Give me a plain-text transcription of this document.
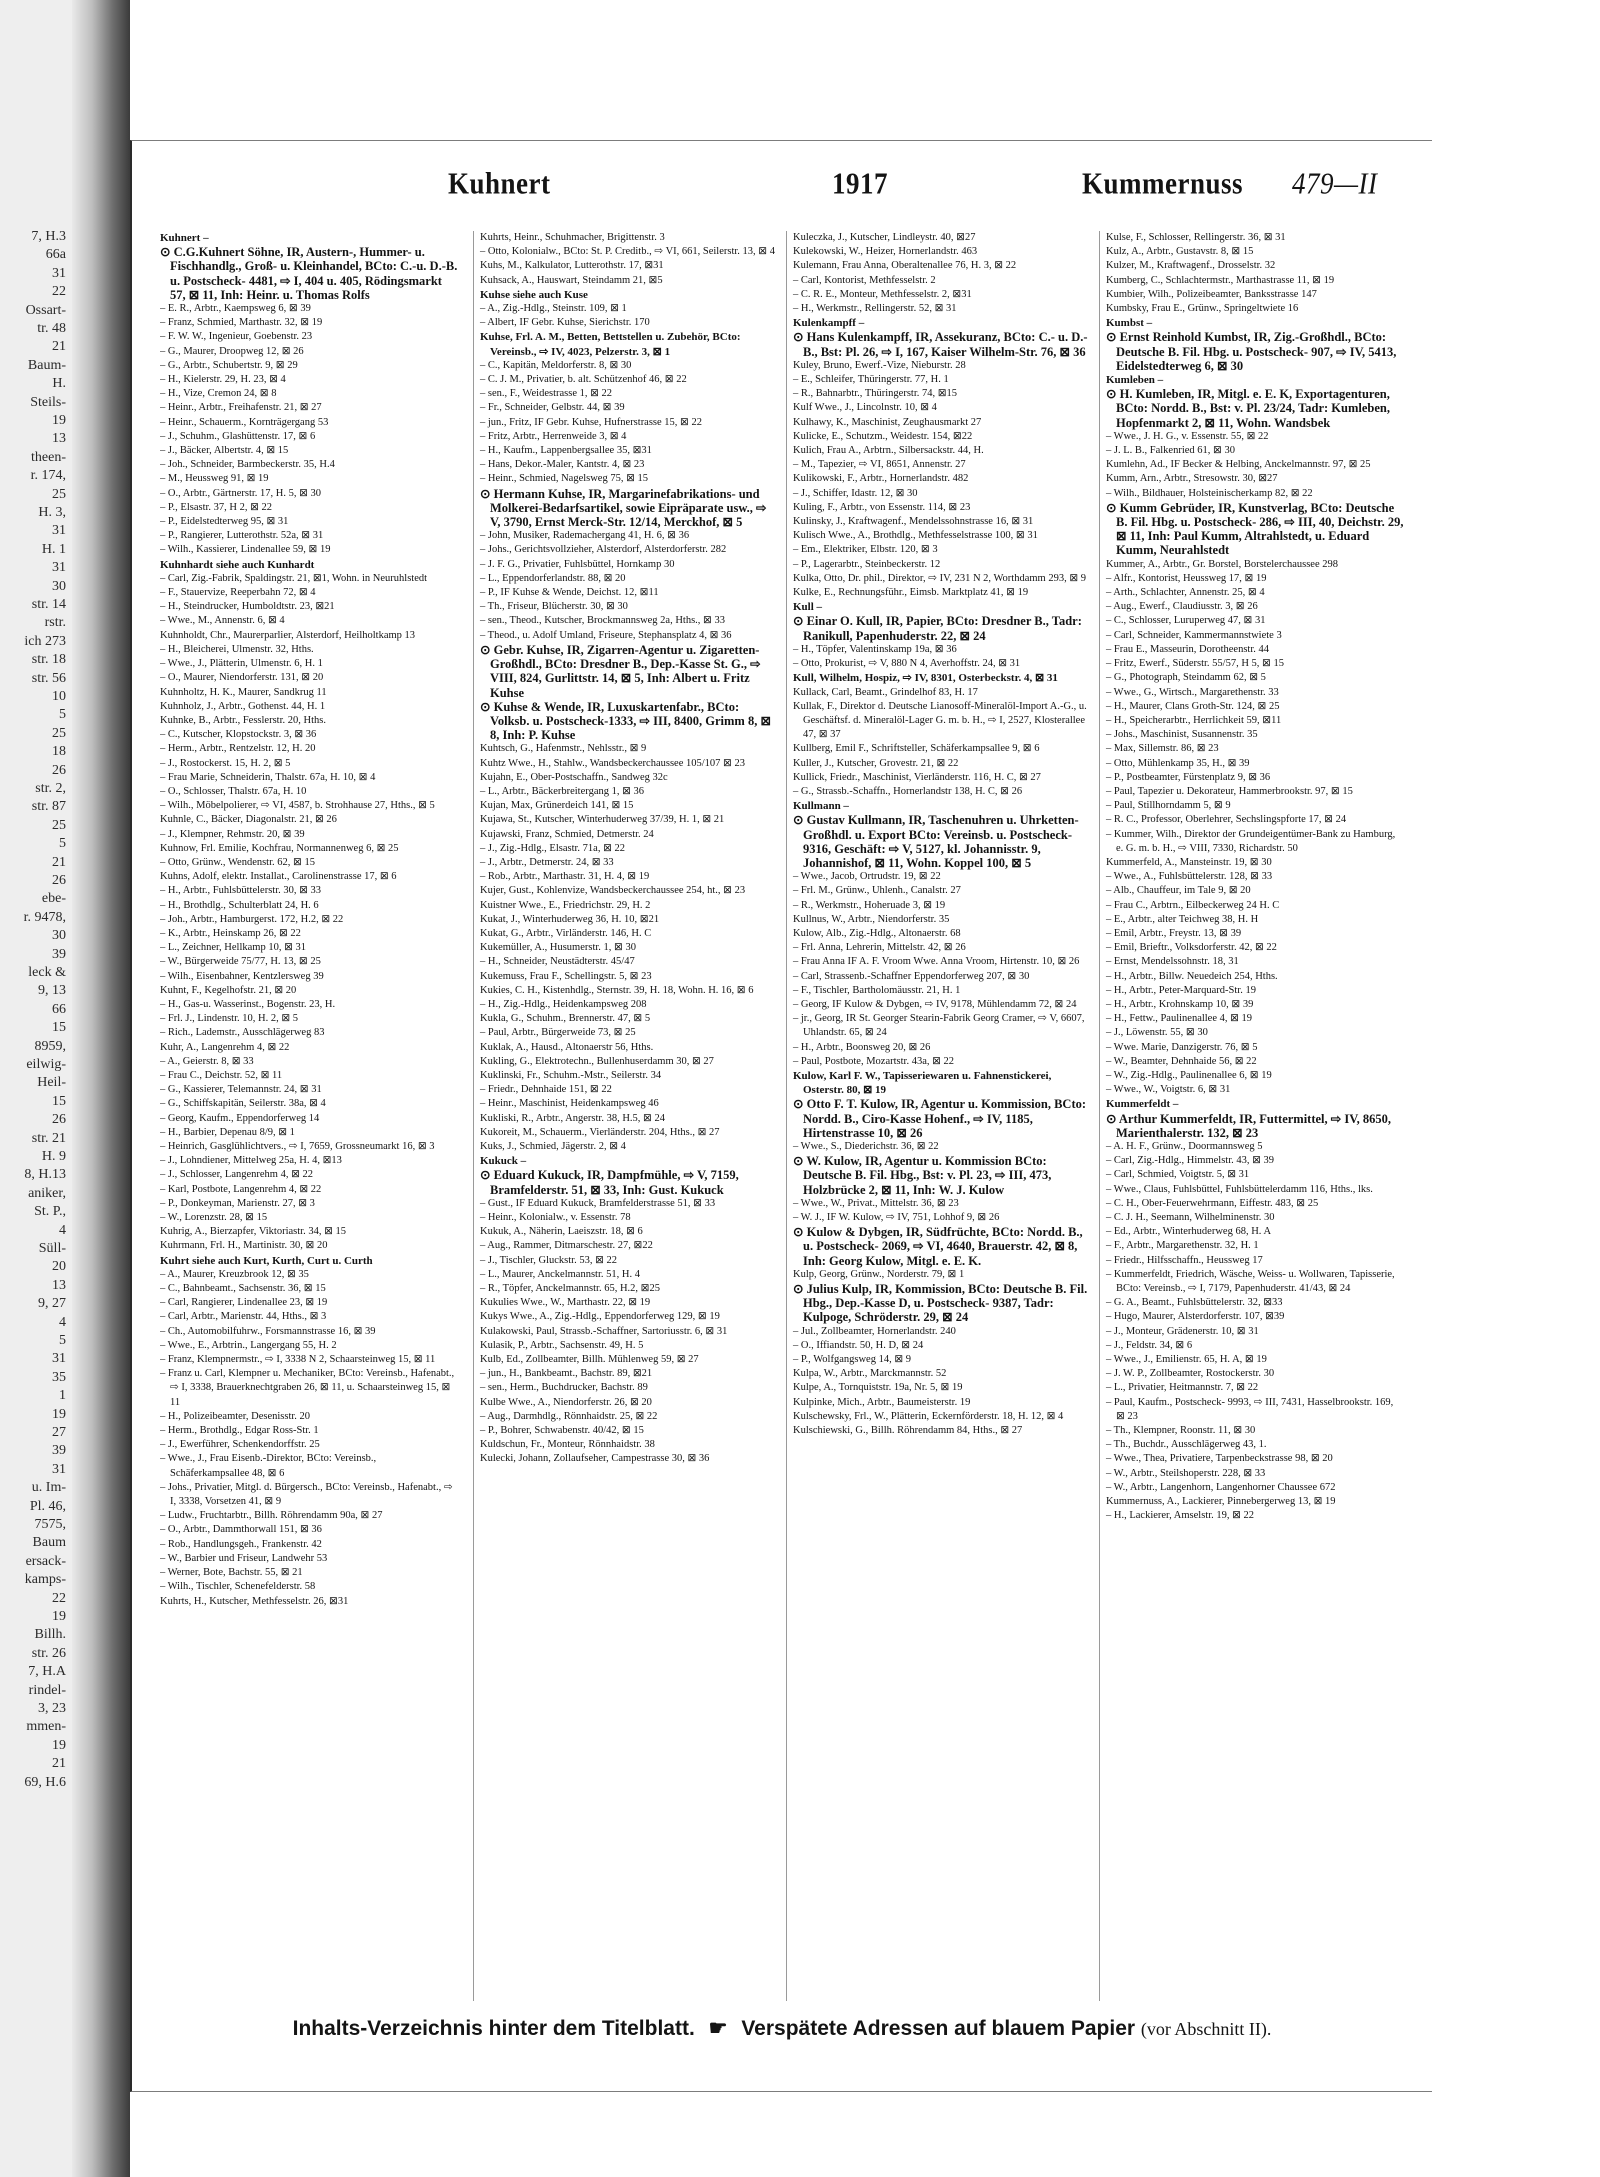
7, H.3
66a
31
22
Ossart-
tr. 48
21
Baum-
H.
Steils-
19
13
theen-
r. 174,
25
H. 3,
31
H. 1
31
30
str. 14
rstr.
ich 273
str. 18
str. 56
10
5
25
18
26
str. 2,
str. 87
25
5
21
26
ebe-
r. 9478,
30
39
leck &
9, 13
66
15
8959,
eilwig-
Heil-
15
26
str. 21
H. 9
8, H.13
aniker,
St. P.,
4
Süll-
20
13
9, 27
4
5
31
35
1
19
27
39
31
u. Im-
Pl. 46,
7575,
Baum
ersack-
kamps-
22
19
Billh.
str. 26
7, H.A
rindel-
3, 23
mmen-
19
21
69, H.6
Kuhnert	1917	Kummernuss 479—II

Kuhnert –

⊙ C.G.Kuhnert Söhne, IR, Austern-, Hummer- u. Fischhandlg., Groß- u. Kleinhandel, BCto: C.-u. D.-B. u. Postscheck- 4481, ⇨ I, 404 u. 405, Rödingsmarkt 57, ⊠ 11, Inh: Heinr. u. Thomas Rolfs

– E. R., Arbtr., Kaempsweg 6, ⊠ 39

– Franz, Schmied, Marthastr. 32, ⊠ 19

– F. W. W., Ingenieur, Goebenstr. 23

– G., Maurer, Droopweg 12, ⊠ 26

– G., Arbtr., Schubertstr. 9, ⊠ 29

– H., Kielerstr. 29, H. 23, ⊠ 4

– H., Vize, Cremon 24, ⊠ 8

– Heinr., Arbtr., Freihafenstr. 21, ⊠ 27

– Heinr., Schauerm., Kornträgergang 53

– J., Schuhm., Glashüttenstr. 17, ⊠ 6

– J., Bäcker, Albertstr. 4, ⊠ 15

– Joh., Schneider, Barmbeckerstr. 35, H.4

– M., Heussweg 91, ⊠ 19

– O., Arbtr., Gärtnerstr. 17, H. 5, ⊠ 30

– P., Elsastr. 37, H 2, ⊠ 22

– P., Eidelstedterweg 95, ⊠ 31

– P., Rangierer, Lutterothstr. 52a, ⊠ 31

– Wilh., Kassierer, Lindenallee 59, ⊠ 19

Kuhnhardt siehe auch Kunhardt

– Carl, Zig.-Fabrik, Spaldingstr. 21, ⊠1, Wohn. in Neuruhlstedt

– F., Stauervize, Reeperbahn 72, ⊠ 4

– H., Steindrucker, Humboldtstr. 23, ⊠21

– Wwe., M., Annenstr. 6, ⊠ 4

Kuhnholdt, Chr., Maurerparlier, Alsterdorf, Heilholtkamp 13

– H., Bleicherei, Ulmenstr. 32, Hths.

– Wwe., J., Plätterin, Ulmenstr. 6, H. 1

– O., Maurer, Niendorferstr. 131, ⊠ 20

Kuhnholtz, H. K., Maurer, Sandkrug 11

Kuhnholz, J., Arbtr., Gothenst. 44, H. 1

Kuhnke, B., Arbtr., Fesslerstr. 20, Hths.

– C., Kutscher, Klopstockstr. 3, ⊠ 36

– Herm., Arbtr., Rentzelstr. 12, H. 20

– J., Rostockerst. 15, H. 2, ⊠ 5

– Frau Marie, Schneiderin, Thalstr. 67a, H. 10, ⊠ 4

– O., Schlosser, Thalstr. 67a, H. 10

– Wilh., Möbelpolierer, ⇨ VI, 4587, b. Strohhause 27, Hths., ⊠ 5

Kuhnle, C., Bäcker, Diagonalstr. 21, ⊠ 26

– J., Klempner, Rehmstr. 20, ⊠ 39

Kuhnow, Frl. Emilie, Kochfrau, Normannenweg 6, ⊠ 25

– Otto, Grünw., Wendenstr. 62, ⊠ 15

Kuhns, Adolf, elektr. Installat., Carolinenstrasse 17, ⊠ 6

– H., Arbtr., Fuhlsbüttelerstr. 30, ⊠ 33

– H., Brothdlg., Schulterblatt 24, H. 6

– Joh., Arbtr., Hamburgerst. 172, H.2, ⊠ 22

– K., Arbtr., Heinskamp 26, ⊠ 22

– L., Zeichner, Hellkamp 10, ⊠ 31

– W., Bürgerweide 75/77, H. 13, ⊠ 25

– Wilh., Eisenbahner, Kentzlersweg 39

Kuhnt, F., Kegelhofstr. 21, ⊠ 20

– H., Gas-u. Wasserinst., Bogenstr. 23, H.

– Frl. J., Lindenstr. 10, H. 2, ⊠ 5

– Rich., Lademstr., Ausschlägerweg 83

Kuhr, A., Langenrehm 4, ⊠ 22

– A., Geierstr. 8, ⊠ 33

– Frau C., Deichstr. 52, ⊠ 11

– G., Kassierer, Telemannstr. 24, ⊠ 31

– G., Schiffskapitän, Seilerstr. 38a, ⊠ 4

– Georg, Kaufm., Eppendorferweg 14

– H., Barbier, Depenau 8/9, ⊠ 1

– Heinrich, Gasglühlichtvers., ⇨ I, 7659, Grossneumarkt 16, ⊠ 3

– J., Lohndiener, Mittelweg 25a, H. 4, ⊠13

– J., Schlosser, Langenrehm 4, ⊠ 22

– Karl, Postbote, Langenrehm 4, ⊠ 22

– P., Donkeyman, Marienstr. 27, ⊠ 3

– W., Lorenzstr. 28, ⊠ 15

Kuhrig, A., Bierzapfer, Viktoriastr. 34, ⊠ 15

Kuhrmann, Frl. H., Martinistr. 30, ⊠ 20

Kuhrt siehe auch Kurt, Kurth, Curt u. Curth

– A., Maurer, Kreuzbrook 12, ⊠ 35

– C., Bahnbeamt., Sachsenstr. 36, ⊠ 15

– Carl, Rangierer, Lindenallee 23, ⊠ 19

– Carl, Arbtr., Marienstr. 44, Hths., ⊠ 3

– Ch., Automobilfuhrw., Forsmannstrasse 16, ⊠ 39

– Wwe., E., Arbtrin., Langergang 55, H. 2

– Franz, Klempnermstr., ⇨ I, 3338 N 2, Schaarsteinweg 15, ⊠ 11

– Franz u. Carl, Klempner u. Mechaniker, BCto: Vereinsb., Hafenabt., ⇨ I, 3338, Brauerknechtgraben 26, ⊠ 11, u. Schaarsteinweg 15, ⊠ 11

– H., Polizeibeamter, Desenisstr. 20

– Herm., Brothdlg., Edgar Ross-Str. 1

– J., Ewerführer, Schenkendorffstr. 25

– Wwe., J., Frau Eisenb.-Direktor, BCto: Vereinsb., Schäferkampsallee 48, ⊠ 6

– Johs., Privatier, Mitgl. d. Bürgersch., BCto: Vereinsb., Hafenabt., ⇨ I, 3338, Vorsetzen 41, ⊠ 9

– Ludw., Fruchtarbtr., Billh. Röhrendamm 90a, ⊠ 27

– O., Arbtr., Dammthorwall 151, ⊠ 36

– Rob., Handlungsgeh., Frankenstr. 42

– W., Barbier und Friseur, Landwehr 53

– Werner, Bote, Bachstr. 55, ⊠ 21

– Wilh., Tischler, Schenefelderstr. 58

Kuhrts, H., Kutscher, Methfesselstr. 26, ⊠31

Kuhrts, Heinr., Schuhmacher, Brigittenstr. 3

– Otto, Kolonialw., BCto: St. P. Creditb., ⇨ VI, 661, Seilerstr. 13, ⊠ 4

Kuhs, M., Kalkulator, Lutterothstr. 17, ⊠31

Kuhsack, A., Hauswart, Steindamm 21, ⊠5

Kuhse siehe auch Kuse

– A., Zig.-Hdlg., Steinstr. 109, ⊠ 1

– Albert, IF Gebr. Kuhse, Sierichstr. 170

Kuhse, Frl. A. M., Betten, Bettstellen u. Zubehör, BCto: Vereinsb., ⇨ IV, 4023, Pelzerstr. 3, ⊠ 1

– C., Kapitän, Meldorferstr. 8, ⊠ 30

– C. J. M., Privatier, b. alt. Schützenhof 46, ⊠ 22

– sen., F., Weidestrasse 1, ⊠ 22

– Fr., Schneider, Gelbstr. 44, ⊠ 39

– jun., Fritz, IF Gebr. Kuhse, Hufnerstrasse 15, ⊠ 22

– Fritz, Arbtr., Herrenweide 3, ⊠ 4

– H., Kaufm., Lappenbergsallee 35, ⊠31

– Hans, Dekor.-Maler, Kantstr. 4, ⊠ 23

– Heinr., Schmied, Nagelsweg 75, ⊠ 15

⊙ Hermann Kuhse, IR, Margarinefabrikations- und Molkerei-Bedarfsartikel, sowie Eipräparate usw., ⇨ V, 3790, Ernst Merck-Str. 12/14, Merckhof, ⊠ 5

– John, Musiker, Rademachergang 41, H. 6, ⊠ 36

– Johs., Gerichtsvollzieher, Alsterdorf, Alsterdorferstr. 282

– J. F. G., Privatier, Fuhlsbüttel, Hornkamp 30

– L., Eppendorferlandstr. 88, ⊠ 20

– P., IF Kuhse & Wende, Deichst. 12, ⊠11

– Th., Friseur, Blücherstr. 30, ⊠ 30

– sen., Theod., Kutscher, Brockmannsweg 2a, Hths., ⊠ 33

– Theod., u. Adolf Umland, Friseure, Stephansplatz 4, ⊠ 36

⊙ Gebr. Kuhse, IR, Zigarren-Agentur u. Zigaretten-Großhdl., BCto: Dresdner B., Dep.-Kasse St. G., ⇨ VIII, 824, Gurlittstr. 14, ⊠ 5, Inh: Albert u. Fritz Kuhse

⊙ Kuhse & Wende, IR, Luxuskartenfabr., BCto: Volksb. u. Postscheck-1333, ⇨ III, 8400, Grimm 8, ⊠ 8, Inh: P. Kuhse

Kuhtsch, G., Hafenmstr., Nehlsstr., ⊠ 9

Kuhtz Wwe., H., Stahlw., Wandsbeckerchaussee 105/107 ⊠ 23

Kujahn, E., Ober-Postschaffn., Sandweg 32c

– L., Arbtr., Bäckerbreitergang 1, ⊠ 36

Kujan, Max, Grünerdeich 141, ⊠ 15

Kujawa, St., Kutscher, Winterhuderweg 37/39, H. 1, ⊠ 21

Kujawski, Franz, Schmied, Detmerstr. 24

– J., Zig.-Hdlg., Elsastr. 71a, ⊠ 22

– J., Arbtr., Detmerstr. 24, ⊠ 33

– Rob., Arbtr., Marthastr. 31, H. 4, ⊠ 19

Kujer, Gust., Kohlenvize, Wandsbeckerchaussee 254, ht., ⊠ 23

Kuistner Wwe., E., Friedrichstr. 29, H. 2

Kukat, J., Winterhuderweg 36, H. 10, ⊠21

Kukat, G., Arbtr., Virländerstr. 146, H. C

Kukemüller, A., Husumerstr. 1, ⊠ 30

– H., Schneider, Neustädterstr. 45/47

Kukemuss, Frau F., Schellingstr. 5, ⊠ 23

Kukies, C. H., Kistenhdlg., Sternstr. 39, H. 18, Wohn. H. 16, ⊠ 6

– H., Zig.-Hdlg., Heidenkampsweg 208

Kukla, G., Schuhm., Brennerstr. 47, ⊠ 5

– Paul, Arbtr., Bürgerweide 73, ⊠ 25

Kuklak, A., Hausd., Altonaerstr 56, Hths.

Kukling, G., Elektrotechn., Bullenhuserdamm 30, ⊠ 27

Kuklinski, Fr., Schuhm.-Mstr., Seilerstr. 34

– Friedr., Dehnhaide 151, ⊠ 22

– Heinr., Maschinist, Heidenkampsweg 46

Kukliski, R., Arbtr., Angerstr. 38, H.5, ⊠ 24

Kukoreit, M., Schauerm., Vierländerstr. 204, Hths., ⊠ 27

Kuks, J., Schmied, Jägerstr. 2, ⊠ 4

Kukuck –

⊙ Eduard Kukuck, IR, Dampfmühle, ⇨ V, 7159, Bramfelderstr. 51, ⊠ 33, Inh: Gust. Kukuck

– Gust., IF Eduard Kukuck, Bramfelderstrasse 51, ⊠ 33

– Heinr., Kolonialw., v. Essenstr. 78

Kukuk, A., Näherin, Laeiszstr. 18, ⊠ 6

– Aug., Rammer, Ditmarschestr. 27, ⊠22

– J., Tischler, Gluckstr. 53, ⊠ 22

– L., Maurer, Anckelmannstr. 51, H. 4

– R., Töpfer, Anckelmannstr. 65, H.2, ⊠25

Kukulies Wwe., W., Marthastr. 22, ⊠ 19

Kukys Wwe., A., Zig.-Hdlg., Eppendorferweg 129, ⊠ 19

Kulakowski, Paul, Strassb.-Schaffner, Sartoriusstr. 6, ⊠ 31

Kulasik, P., Arbtr., Sachsenstr. 49, H. 5

Kulb, Ed., Zollbeamter, Billh. Mühlenweg 59, ⊠ 27

– jun., H., Bankbeamt., Bachstr. 89, ⊠21

– sen., Herm., Buchdrucker, Bachstr. 89

Kulbe Wwe., A., Niendorferstr. 26, ⊠ 20

– Aug., Darmhdlg., Rönnhaidstr. 25, ⊠ 22

– P., Bohrer, Schwabenstr. 40/42, ⊠ 15

Kuldschun, Fr., Monteur, Rönnhaidstr. 38

Kulecki, Johann, Zollaufseher, Campestrasse 30, ⊠ 36

Kuleczka, J., Kutscher, Lindleystr. 40, ⊠27

Kulekowski, W., Heizer, Hornerlandstr. 463

Kulemann, Frau Anna, Oberaltenallee 76, H. 3, ⊠ 22

– Carl, Kontorist, Methfesselstr. 2

– C. R. E., Monteur, Methfesselstr. 2, ⊠31

– H., Werkmstr., Rellingerstr. 52, ⊠ 31

Kulenkampff –

⊙ Hans Kulenkampff, IR, Assekuranz, BCto: C.- u. D.-B., Bst: Pl. 26, ⇨ I, 167, Kaiser Wilhelm-Str. 76, ⊠ 36

Kuley, Bruno, Ewerf.-Vize, Nieburstr. 28

– E., Schleifer, Thüringerstr. 77, H. 1

– R., Bahnarbtr., Thüringerstr. 74, ⊠15

Kulf Wwe., J., Lincolnstr. 10, ⊠ 4

Kulhawy, K., Maschinist, Zeughausmarkt 27

Kulicke, E., Schutzm., Weidestr. 154, ⊠22

Kulich, Frau A., Arbtrn., Silbersackstr. 44, H.

– M., Tapezier, ⇨ VI, 8651, Annenstr. 27

Kulikowski, F., Arbtr., Hornerlandstr. 482

– J., Schiffer, Idastr. 12, ⊠ 30

Kuling, F., Arbtr., von Essenstr. 114, ⊠ 23

Kulinsky, J., Kraftwagenf., Mendelssohnstrasse 16, ⊠ 31

Kulisch Wwe., A., Brothdlg., Methfesselstrasse 100, ⊠ 31

– Em., Elektriker, Elbstr. 120, ⊠ 3

– P., Lagerarbtr., Steinbeckerstr. 12

Kulka, Otto, Dr. phil., Direktor, ⇨ IV, 231 N 2, Worthdamm 293, ⊠ 9

Kulke, E., Rechnungsführ., Eimsb. Marktplatz 41, ⊠ 19

Kull –

⊙ Einar O. Kull, IR, Papier, BCto: Dresdner B., Tadr: Ranikull, Papenhuderstr. 22, ⊠ 24

– H., Töpfer, Valentinskamp 19a, ⊠ 36

– Otto, Prokurist, ⇨ V, 880 N 4, Averhoffstr. 24, ⊠ 31

Kull, Wilhelm, Hospiz, ⇨ IV, 8301, Osterbeckstr. 4, ⊠ 31

Kullack, Carl, Beamt., Grindelhof 83, H. 17

Kullak, F., Direktor d. Deutsche Lianosoff-Mineralöl-Import A.-G., u. Geschäftsf. d. Mineralöl-Lager G. m. b. H., ⇨ I, 2527, Klosterallee 47, ⊠ 37

Kullberg, Emil F., Schriftsteller, Schäferkampsallee 9, ⊠ 6

Kuller, J., Kutscher, Grovestr. 21, ⊠ 22

Kullick, Friedr., Maschinist, Vierländerstr. 116, H. C, ⊠ 27

– G., Strassb.-Schaffn., Hornerlandstr 138, H. C, ⊠ 26

Kullmann –

⊙ Gustav Kullmann, IR, Taschenuhren u. Uhrketten-Großhdl. u. Export BCto: Vereinsb. u. Postscheck- 9316, Geschäft: ⇨ V, 5127, kl. Johannisstr. 9, Johannishof, ⊠ 11, Wohn. Koppel 100, ⊠ 5

– Wwe., Jacob, Ortrudstr. 19, ⊠ 22

– Frl. M., Grünw., Uhlenh., Canalstr. 27

– R., Werkmstr., Hoheruade 3, ⊠ 19

Kullnus, W., Arbtr., Niendorferstr. 35

Kulow, Alb., Zig.-Hdlg., Altonaerstr. 68

– Frl. Anna, Lehrerin, Mittelstr. 42, ⊠ 26

– Frau Anna IF A. F. Vroom Wwe. Anna Vroom, Hirtenstr. 10, ⊠ 26

– Carl, Strassenb.-Schaffner Eppendorferweg 207, ⊠ 30

– F., Tischler, Bartholomäusstr. 21, H. 1

– Georg, IF Kulow & Dybgen, ⇨ IV, 9178, Mühlendamm 72, ⊠ 24

– jr., Georg, IR St. Georger Stearin-Fabrik Georg Cramer, ⇨ V, 6607, Uhlandstr. 65, ⊠ 24

– H., Arbtr., Boonsweg 20, ⊠ 26

– Paul, Postbote, Mozartstr. 43a, ⊠ 22

Kulow, Karl F. W., Tapisseriewaren u. Fahnenstickerei, Osterstr. 80, ⊠ 19

⊙ Otto F. T. Kulow, IR, Agentur u. Kommission, BCto: Nordd. B., Ciro-Kasse Hohenf., ⇨ IV, 1185, Hirtenstrasse 10, ⊠ 26

– Wwe., S., Diederichstr. 36, ⊠ 22

⊙ W. Kulow, IR, Agentur u. Kommission BCto: Deutsche B. Fil. Hbg., Bst: v. Pl. 23, ⇨ III, 473, Holzbrücke 2, ⊠ 11, Inh: W. J. Kulow

– Wwe., W., Privat., Mittelstr. 36, ⊠ 23

– W. J., IF W. Kulow, ⇨ IV, 751, Lohhof 9, ⊠ 26

⊙ Kulow & Dybgen, IR, Südfrüchte, BCto: Nordd. B., u. Postscheck- 2069, ⇨ VI, 4640, Brauerstr. 42, ⊠ 8, Inh: Georg Kulow, Mitgl. e. E. K.

Kulp, Georg, Grünw., Norderstr. 79, ⊠ 1

⊙ Julius Kulp, IR, Kommission, BCto: Deutsche B. Fil. Hbg., Dep.-Kasse D, u. Postscheck- 9387, Tadr: Kulpoge, Schröderstr. 29, ⊠ 24

– Jul., Zollbeamter, Hornerlandstr. 240

– O., Iffiandstr. 50, H. D, ⊠ 24

– P., Wolfgangsweg 14, ⊠ 9

Kulpa, W., Arbtr., Marckmannstr. 52

Kulpe, A., Tornquiststr. 19a, Nr. 5, ⊠ 19

Kulpinke, Mich., Arbtr., Baumeisterstr. 19

Kulschewsky, Frl., W., Plätterin, Eckernförderstr. 18, H. 12, ⊠ 4

Kulschiewski, G., Billh. Röhrendamm 84, Hths., ⊠ 27

Kulse, F., Schlosser, Rellingerstr. 36, ⊠ 31

Kulz, A., Arbtr., Gustavstr. 8, ⊠ 15

Kulzer, M., Kraftwagenf., Drosselstr. 32

Kumberg, C., Schlachtermstr., Marthastrasse 11, ⊠ 19

Kumbier, Wilh., Polizeibeamter, Banksstrasse 147

Kumbsky, Frau E., Grünw., Springeltwiete 16

Kumbst –

⊙ Ernst Reinhold Kumbst, IR, Zig.-Großhdl., BCto: Deutsche B. Fil. Hbg. u. Postscheck- 907, ⇨ IV, 5413, Eidelstedterweg 6, ⊠ 30

Kumleben –

⊙ H. Kumleben, IR, Mitgl. e. E. K, Exportagenturen, BCto: Nordd. B., Bst: v. Pl. 23/24, Tadr: Kumleben, Hopfenmarkt 2, ⊠ 11, Wohn. Wandsbek

– Wwe., J. H. G., v. Essenstr. 55, ⊠ 22

– J. L. B., Falkenried 61, ⊠ 30

Kumlehn, Ad., IF Becker & Helbing, Anckelmannstr. 97, ⊠ 25

Kumm, Arn., Arbtr., Stresowstr. 30, ⊠27

– Wilh., Bildhauer, Holsteinischerkamp 82, ⊠ 22

⊙ Kumm Gebrüder, IR, Kunstverlag, BCto: Deutsche B. Fil. Hbg. u. Postscheck- 286, ⇨ III, 40, Deichstr. 29, ⊠ 11, Inh: Paul Kumm, Altrahlstedt, u. Eduard Kumm, Neurahlstedt

Kummer, A., Arbtr., Gr. Borstel, Borstelerchaussee 298

– Alfr., Kontorist, Heussweg 17, ⊠ 19

– Arth., Schlachter, Annenstr. 25, ⊠ 4

– Aug., Ewerf., Claudiusstr. 3, ⊠ 26

– C., Schlosser, Luruperweg 47, ⊠ 31

– Carl, Schneider, Kammermannstwiete 3

– Frau E., Masseurin, Dorotheenstr. 44

– Fritz, Ewerf., Süderstr. 55/57, H 5, ⊠ 15

– G., Photograph, Steindamm 62, ⊠ 5

– Wwe., G., Wirtsch., Margarethenstr. 33

– H., Maurer, Clans Groth-Str. 124, ⊠ 25

– H., Speicherarbtr., Herrlichkeit 59, ⊠11

– Johs., Maschinist, Susannenstr. 35

– Max, Sillemstr. 86, ⊠ 23

– Otto, Mühlenkamp 35, H., ⊠ 39

– P., Postbeamter, Fürstenplatz 9, ⊠ 36

– Paul, Tapezier u. Dekorateur, Hammerbrookstr. 97, ⊠ 15

– Paul, Stillhorndamm 5, ⊠ 9

– R. C., Professor, Oberlehrer, Sechslingspforte 17, ⊠ 24

– Kummer, Wilh., Direktor der Grundeigentümer-Bank zu Hamburg, e. G. m. b. H., ⇨ VIII, 7330, Richardstr. 50

Kummerfeld, A., Mansteinstr. 19, ⊠ 30

– Wwe., A., Fuhlsbüttelerstr. 128, ⊠ 33

– Alb., Chauffeur, im Tale 9, ⊠ 20

– Frau C., Arbtrn., Eilbeckerweg 24 H. C

– E., Arbtr., alter Teichweg 38, H. H

– Emil, Arbtr., Freystr. 13, ⊠ 39

– Emil, Brieftr., Volksdorferstr. 42, ⊠ 22

– Ernst, Mendelssohnstr. 18, 31

– H., Arbtr., Billw. Neuedeich 254, Hths.

– H., Arbtr., Peter-Marquard-Str. 19

– H., Arbtr., Krohnskamp 10, ⊠ 39

– H., Fettw., Paulinenallee 4, ⊠ 19

– J., Löwenstr. 55, ⊠ 30

– Wwe. Marie, Danzigerstr. 76, ⊠ 5

– W., Beamter, Dehnhaide 56, ⊠ 22

– W., Zig.-Hdlg., Paulinenallee 6, ⊠ 19

– Wwe., W., Voigtstr. 6, ⊠ 31

Kummerfeldt –

⊙ Arthur Kummerfeldt, IR, Futtermittel, ⇨ IV, 8650, Marienthalerstr. 132, ⊠ 23

– A. H. F., Grünw., Doormannsweg 5

– Carl, Zig.-Hdlg., Himmelstr. 43, ⊠ 39

– Carl, Schmied, Voigtstr. 5, ⊠ 31

– Wwe., Claus, Fuhlsbüttel, Fuhlsbüttelerdamm 116, Hths., lks.

– C. H., Ober-Feuerwehrmann, Eiffestr. 483, ⊠ 25

– C. J. H., Seemann, Wilhelminenstr. 30

– Ed., Arbtr., Winterhuderweg 68, H. A

– F., Arbtr., Margarethenstr. 32, H. 1

– Friedr., Hilfsschaffn., Heussweg 17

– Kummerfeldt, Friedrich, Wäsche, Weiss- u. Wollwaren, Tapisserie, BCto: Vereinsb., ⇨ I, 7179, Papenhuderstr. 41/43, ⊠ 24

– G. A., Beamt., Fuhlsbüttelerstr. 32, ⊠33

– Hugo, Maurer, Alsterdorferstr. 107, ⊠39

– J., Monteur, Grädenerstr. 10, ⊠ 31

– J., Feldstr. 34, ⊠ 6

– Wwe., J., Emilienstr. 65, H. A, ⊠ 19

– J. W. P., Zollbeamter, Rostockerstr. 30

– L., Privatier, Heitmannstr. 7, ⊠ 22

– Paul, Kaufm., Postscheck- 9993, ⇨ III, 7431, Hasselbrookstr. 169, ⊠ 23

– Th., Klempner, Roonstr. 11, ⊠ 30

– Th., Buchdr., Ausschlägerweg 43, 1.

– Wwe., Thea, Privatiere, Tarpenbeckstrasse 98, ⊠ 20

– W., Arbtr., Steilshoperstr. 228, ⊠ 33

– W., Arbtr., Langenhorn, Langenhorner Chaussee 672

Kummernuss, A., Lackierer, Pinnebergerweg 13, ⊠ 19

– H., Lackierer, Amselstr. 19, ⊠ 22

Inhalts-Verzeichnis hinter dem Titelblatt. ☛ Verspätete Adressen auf blauem Papier (vor Abschnitt II).
